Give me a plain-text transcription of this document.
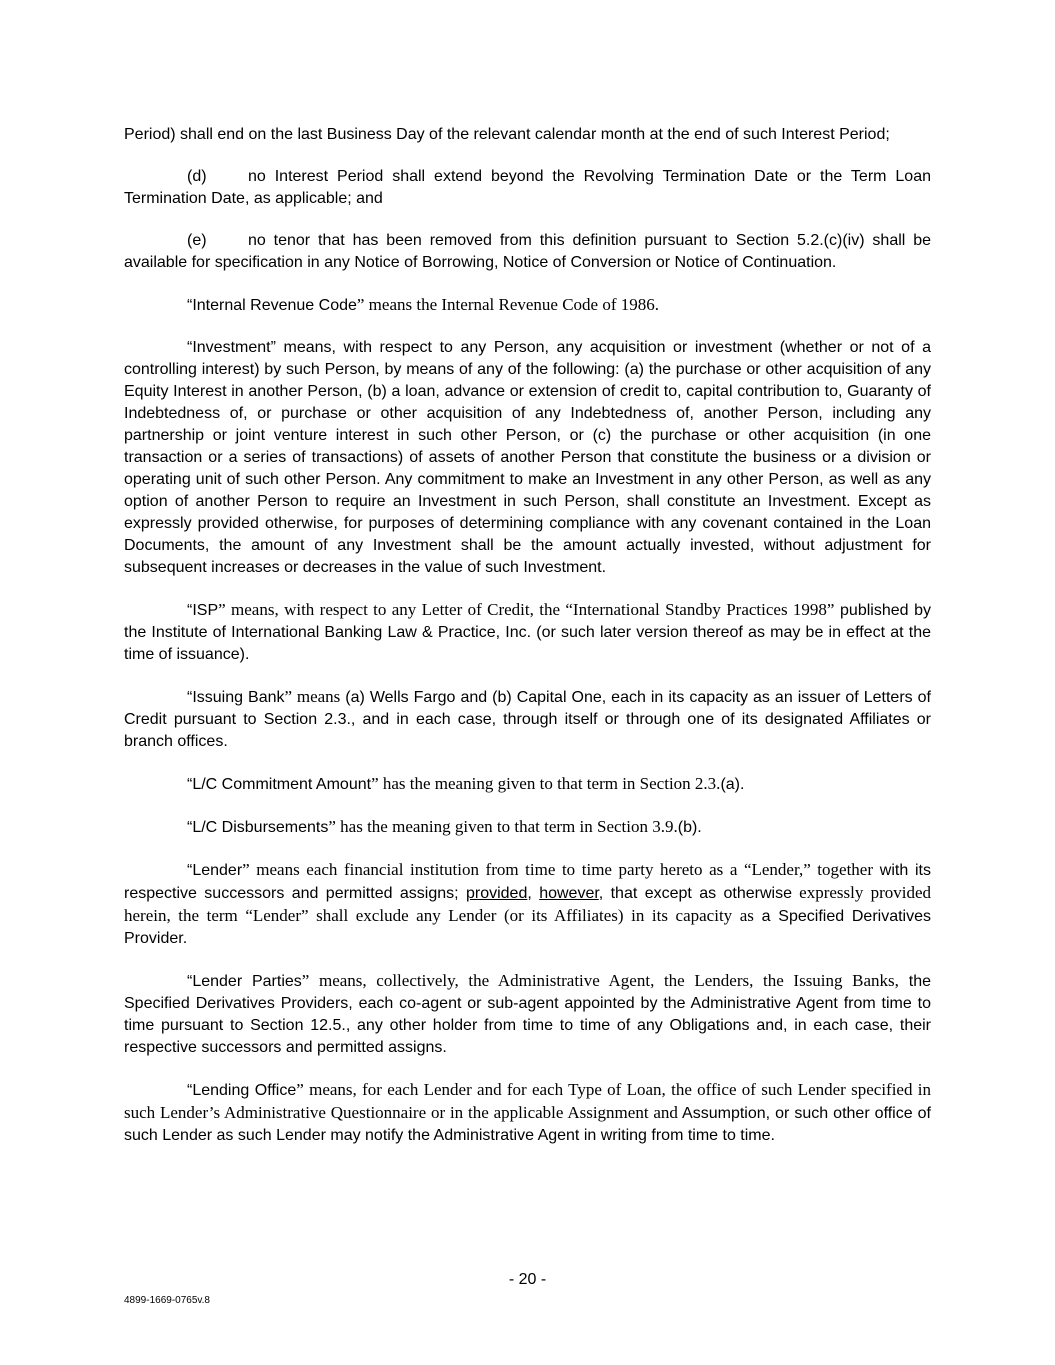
Period) shall end on the last Business Day of the relevant calendar month at the end of such Interest Period;

(d)	no Interest Period shall extend beyond the Revolving Termination Date or the Term Loan Termination Date, as applicable; and

(e)	no tenor that has been removed from this definition pursuant to Section 5.2.(c)(iv) shall be available for specification in any Notice of Borrowing, Notice of Conversion or Notice of Continuation.

“Internal Revenue Code” means the Internal Revenue Code of 1986.

“Investment” means, with respect to any Person, any acquisition or investment (whether or not of a controlling interest) by such Person, by means of any of the following: (a) the purchase or other acquisition of any Equity Interest in another Person, (b) a loan, advance or extension of credit to, capital contribution to, Guaranty of Indebtedness of, or purchase or other acquisition of any Indebtedness of, another Person, including any partnership or joint venture interest in such other Person, or (c) the purchase or other acquisition (in one transaction or a series of transactions) of assets of another Person that constitute the business or a division or operating unit of such other Person. Any commitment to make an Investment in any other Person, as well as any option of another Person to require an Investment in such Person, shall constitute an Investment. Except as expressly provided otherwise, for purposes of determining compliance with any covenant contained in the Loan Documents, the amount of any Investment shall be the amount actually invested, without adjustment for subsequent increases or decreases in the value of such Investment.

“ISP” means, with respect to any Letter of Credit, the “International Standby Practices 1998” published by the Institute of International Banking Law & Practice, Inc. (or such later version thereof as may be in effect at the time of issuance).

“Issuing Bank” means (a) Wells Fargo and (b) Capital One, each in its capacity as an issuer of Letters of Credit pursuant to Section 2.3., and in each case, through itself or through one of its designated Affiliates or branch offices.

“L/C Commitment Amount” has the meaning given to that term in Section 2.3.(a).

“L/C Disbursements” has the meaning given to that term in Section 3.9.(b).

“Lender” means each financial institution from time to time party hereto as a “Lender,” together with its respective successors and permitted assigns; provided, however, that except as otherwise expressly provided herein, the term “Lender” shall exclude any Lender (or its Affiliates) in its capacity as a Specified Derivatives Provider.

“Lender Parties” means, collectively, the Administrative Agent, the Lenders, the Issuing Banks, the Specified Derivatives Providers, each co-agent or sub-agent appointed by the Administrative Agent from time to time pursuant to Section 12.5., any other holder from time to time of any Obligations and, in each case, their respective successors and permitted assigns.

“Lending Office” means, for each Lender and for each Type of Loan, the office of such Lender specified in such Lender’s Administrative Questionnaire or in the applicable Assignment and Assumption, or such other office of such Lender as such Lender may notify the Administrative Agent in writing from time to time.

- 20 -
4899-1669-0765v.8
